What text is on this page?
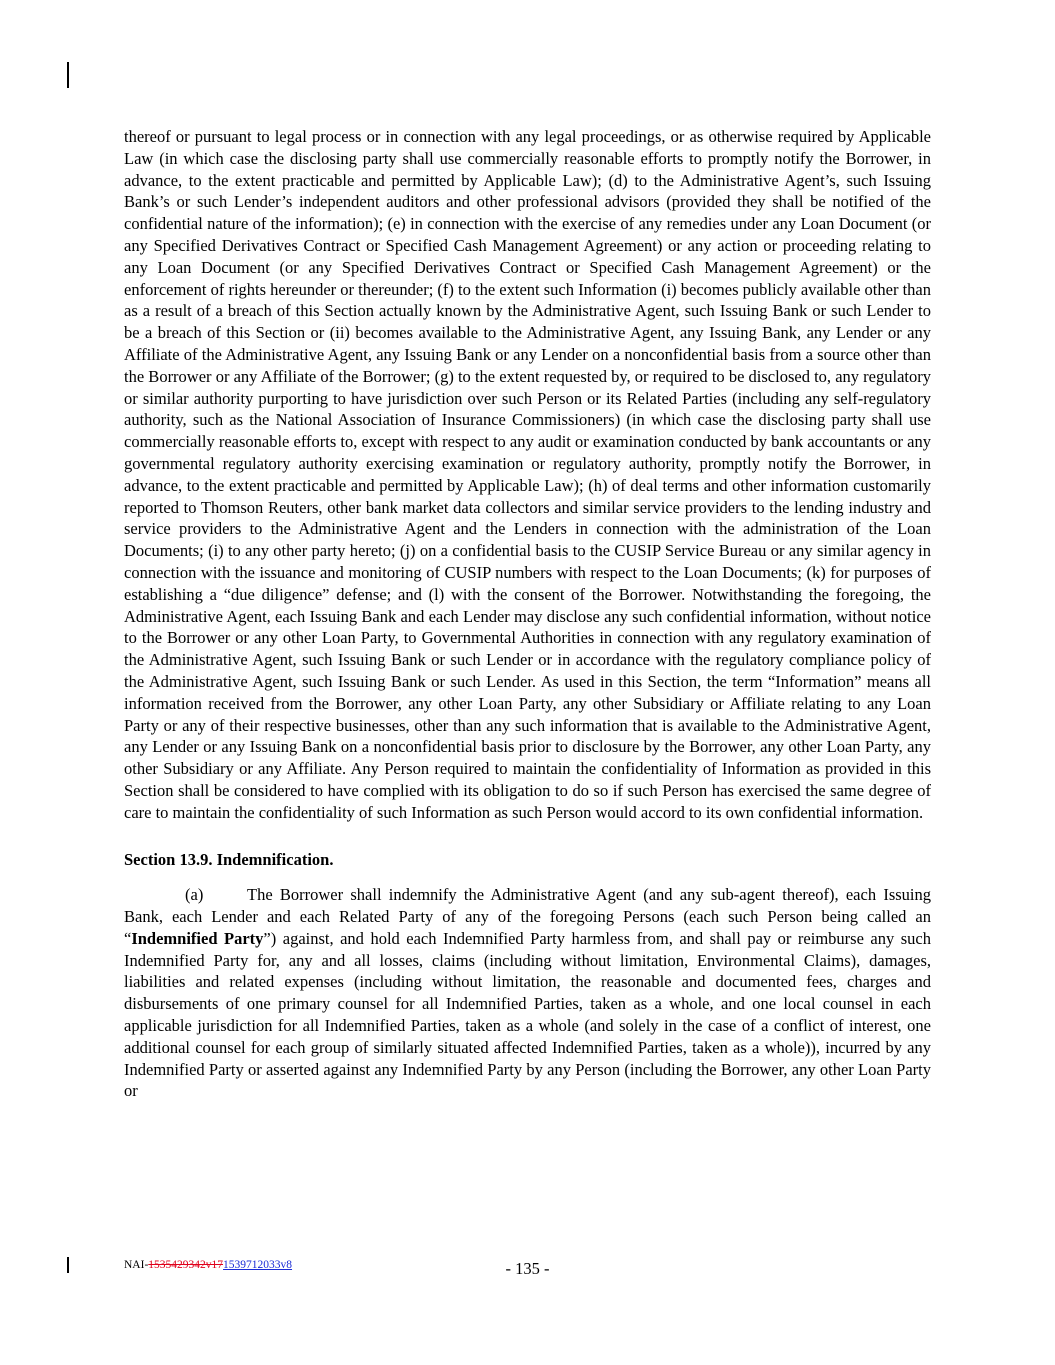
thereof or pursuant to legal process or in connection with any legal proceedings, or as otherwise required by Applicable Law (in which case the disclosing party shall use commercially reasonable efforts to promptly notify the Borrower, in advance, to the extent practicable and permitted by Applicable Law); (d) to the Administrative Agent’s, such Issuing Bank’s or such Lender’s independent auditors and other professional advisors (provided they shall be notified of the confidential nature of the information); (e) in connection with the exercise of any remedies under any Loan Document (or any Specified Derivatives Contract or Specified Cash Management Agreement) or any action or proceeding relating to any Loan Document (or any Specified Derivatives Contract or Specified Cash Management Agreement) or the enforcement of rights hereunder or thereunder; (f) to the extent such Information (i) becomes publicly available other than as a result of a breach of this Section actually known by the Administrative Agent, such Issuing Bank or such Lender to be a breach of this Section or (ii) becomes available to the Administrative Agent, any Issuing Bank, any Lender or any Affiliate of the Administrative Agent, any Issuing Bank or any Lender on a nonconfidential basis from a source other than the Borrower or any Affiliate of the Borrower; (g) to the extent requested by, or required to be disclosed to, any regulatory or similar authority purporting to have jurisdiction over such Person or its Related Parties (including any self-regulatory authority, such as the National Association of Insurance Commissioners) (in which case the disclosing party shall use commercially reasonable efforts to, except with respect to any audit or examination conducted by bank accountants or any governmental regulatory authority exercising examination or regulatory authority, promptly notify the Borrower, in advance, to the extent practicable and permitted by Applicable Law); (h) of deal terms and other information customarily reported to Thomson Reuters, other bank market data collectors and similar service providers to the lending industry and service providers to the Administrative Agent and the Lenders in connection with the administration of the Loan Documents; (i) to any other party hereto; (j) on a confidential basis to the CUSIP Service Bureau or any similar agency in connection with the issuance and monitoring of CUSIP numbers with respect to the Loan Documents; (k) for purposes of establishing a “due diligence” defense; and (l) with the consent of the Borrower. Notwithstanding the foregoing, the Administrative Agent, each Issuing Bank and each Lender may disclose any such confidential information, without notice to the Borrower or any other Loan Party, to Governmental Authorities in connection with any regulatory examination of the Administrative Agent, such Issuing Bank or such Lender or in accordance with the regulatory compliance policy of the Administrative Agent, such Issuing Bank or such Lender. As used in this Section, the term “Information” means all information received from the Borrower, any other Loan Party, any other Subsidiary or Affiliate relating to any Loan Party or any of their respective businesses, other than any such information that is available to the Administrative Agent, any Lender or any Issuing Bank on a nonconfidential basis prior to disclosure by the Borrower, any other Loan Party, any other Subsidiary or any Affiliate. Any Person required to maintain the confidentiality of Information as provided in this Section shall be considered to have complied with its obligation to do so if such Person has exercised the same degree of care to maintain the confidentiality of such Information as such Person would accord to its own confidential information.

Section 13.9. Indemnification.

(a)	The Borrower shall indemnify the Administrative Agent (and any sub-agent thereof), each Issuing Bank, each Lender and each Related Party of any of the foregoing Persons (each such Person being called an “Indemnified Party”) against, and hold each Indemnified Party harmless from, and shall pay or reimburse any such Indemnified Party for, any and all losses, claims (including without limitation, Environmental Claims), damages, liabilities and related expenses (including without limitation, the reasonable and documented fees, charges and disbursements of one primary counsel for all Indemnified Parties, taken as a whole, and one local counsel in each applicable jurisdiction for all Indemnified Parties, taken as a whole (and solely in the case of a conflict of interest, one additional counsel for each group of similarly situated affected Indemnified Parties, taken as a whole)), incurred by any Indemnified Party or asserted against any Indemnified Party by any Person (including the Borrower, any other Loan Party or

NAI-1535429342v171539712033v8	- 135 -
